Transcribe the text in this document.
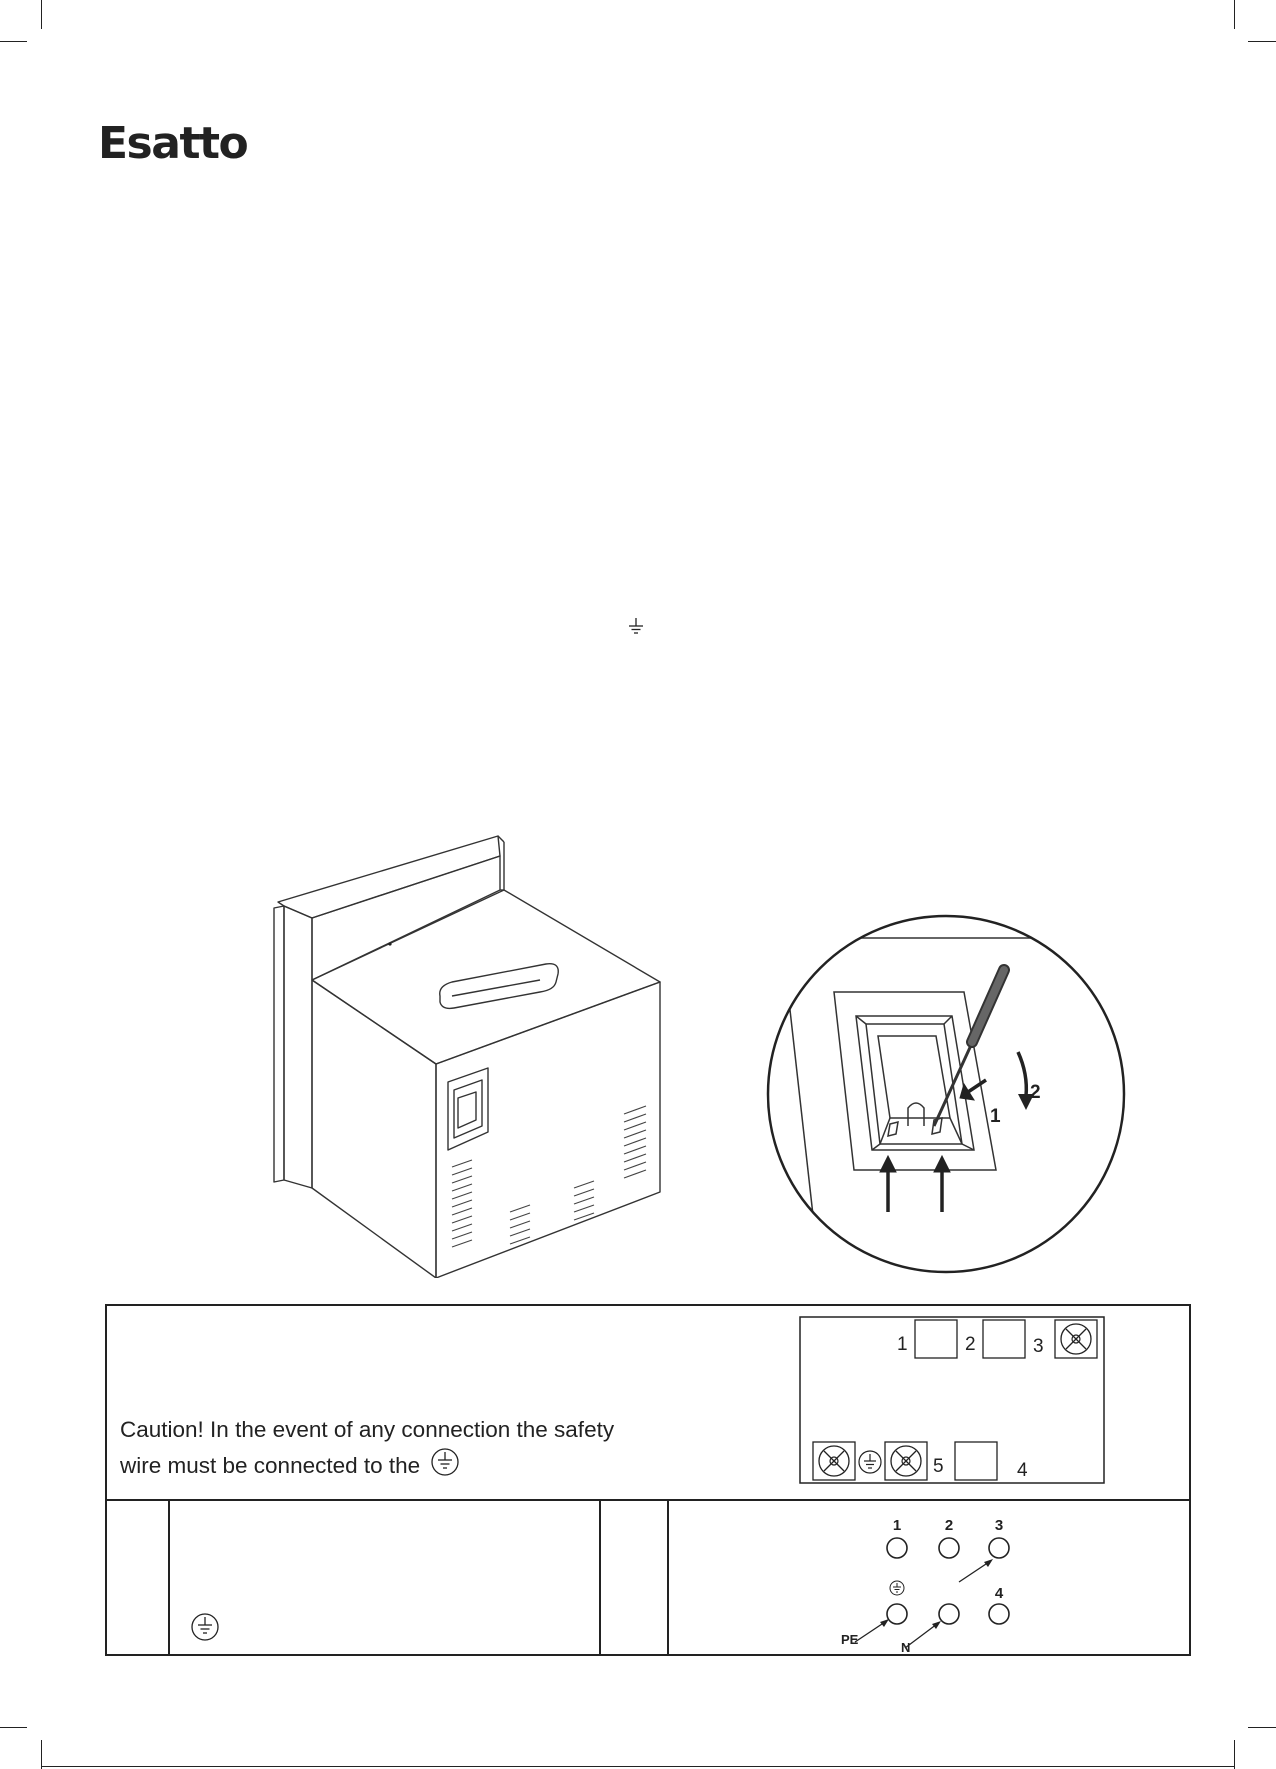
Esatto
1
2
Caution! In the event of any connection the safety
wire must be connected to the
1	2	3
5	4
1	2	3
4
PE
N
